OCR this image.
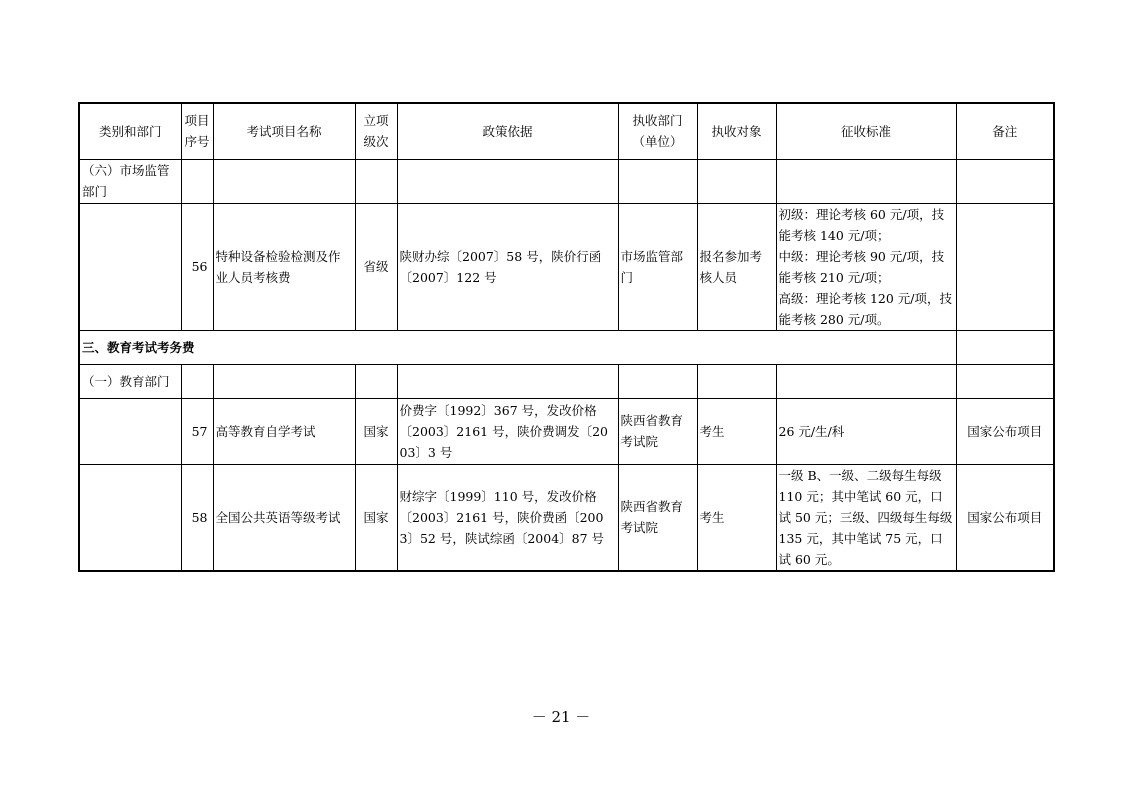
类别和部门	项目序号	考试项目名称	立项级次	政策依据	执收部门（单位）	执收对象	征收标准	备注
（六）市场监管部门								
	56	特种设备检验检测及作业人员考核费	省级	陕财办综〔2007〕58 号，陕价行函〔2007〕122 号	市场监管部门	报名参加考核人员	初级：理论考核 60 元/项，技能考核 140 元/项；
中级：理论考核 90 元/项，技能考核 210 元/项；
高级：理论考核 120 元/项，技能考核 280 元/项。	

三、教育考试考务费								
（一）教育部门								
	57	高等教育自学考试	国家	价费字〔1992〕367 号，发改价格〔2003〕2161 号，陕价费调发〔2003〕3 号	陕西省教育考试院	考生	26 元/生/科	国家公布项目
	58	全国公共英语等级考试	国家	财综字〔1999〕110 号，发改价格〔2003〕2161 号，陕价费函〔2003〕52 号，陕试综函〔2004〕87 号	陕西省教育考试院	考生	一级 B、一级、二级每生每级 110 元；其中笔试 60 元，口试 50 元；三级、四级每生每级 135 元，其中笔试 75 元，口试 60 元。	国家公布项目
－ 21 －
